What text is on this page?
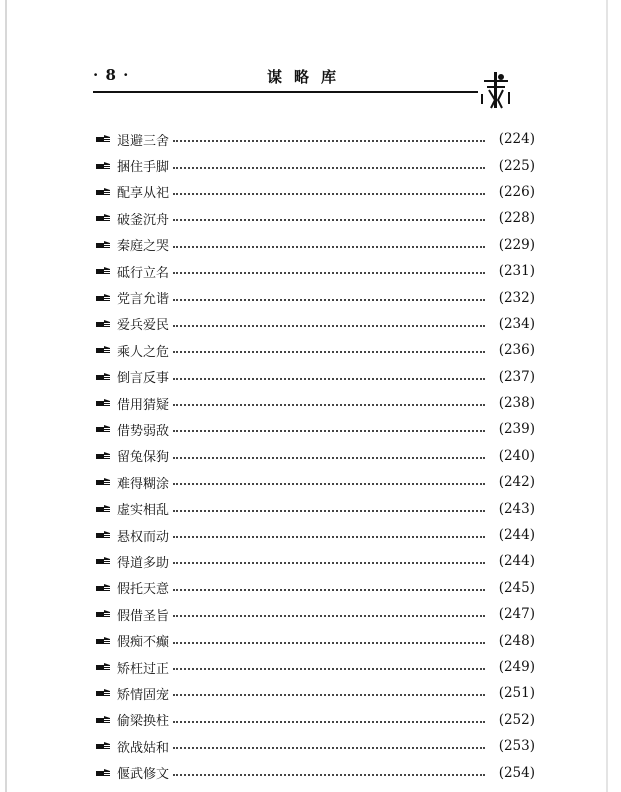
· 8 ·	谋略库
退避三舍	(224)
捆住手脚	(225)
配享从祀	(226)
破釜沉舟	(228)
秦庭之哭	(229)
砥行立名	(231)
党言允谐	(232)
爱兵爱民	(234)
乘人之危	(236)
倒言反事	(237)
借用猜疑	(238)
借势弱敌	(239)
留兔保狗	(240)
难得糊涂	(242)
虚实相乱	(243)
悬权而动	(244)
得道多助	(244)
假托天意	(245)
假借圣旨	(247)
假痴不癫	(248)
矫枉过正	(249)
矫情固宠	(251)
偷梁换柱	(252)
欲战姑和	(253)
偃武修文	(254)
